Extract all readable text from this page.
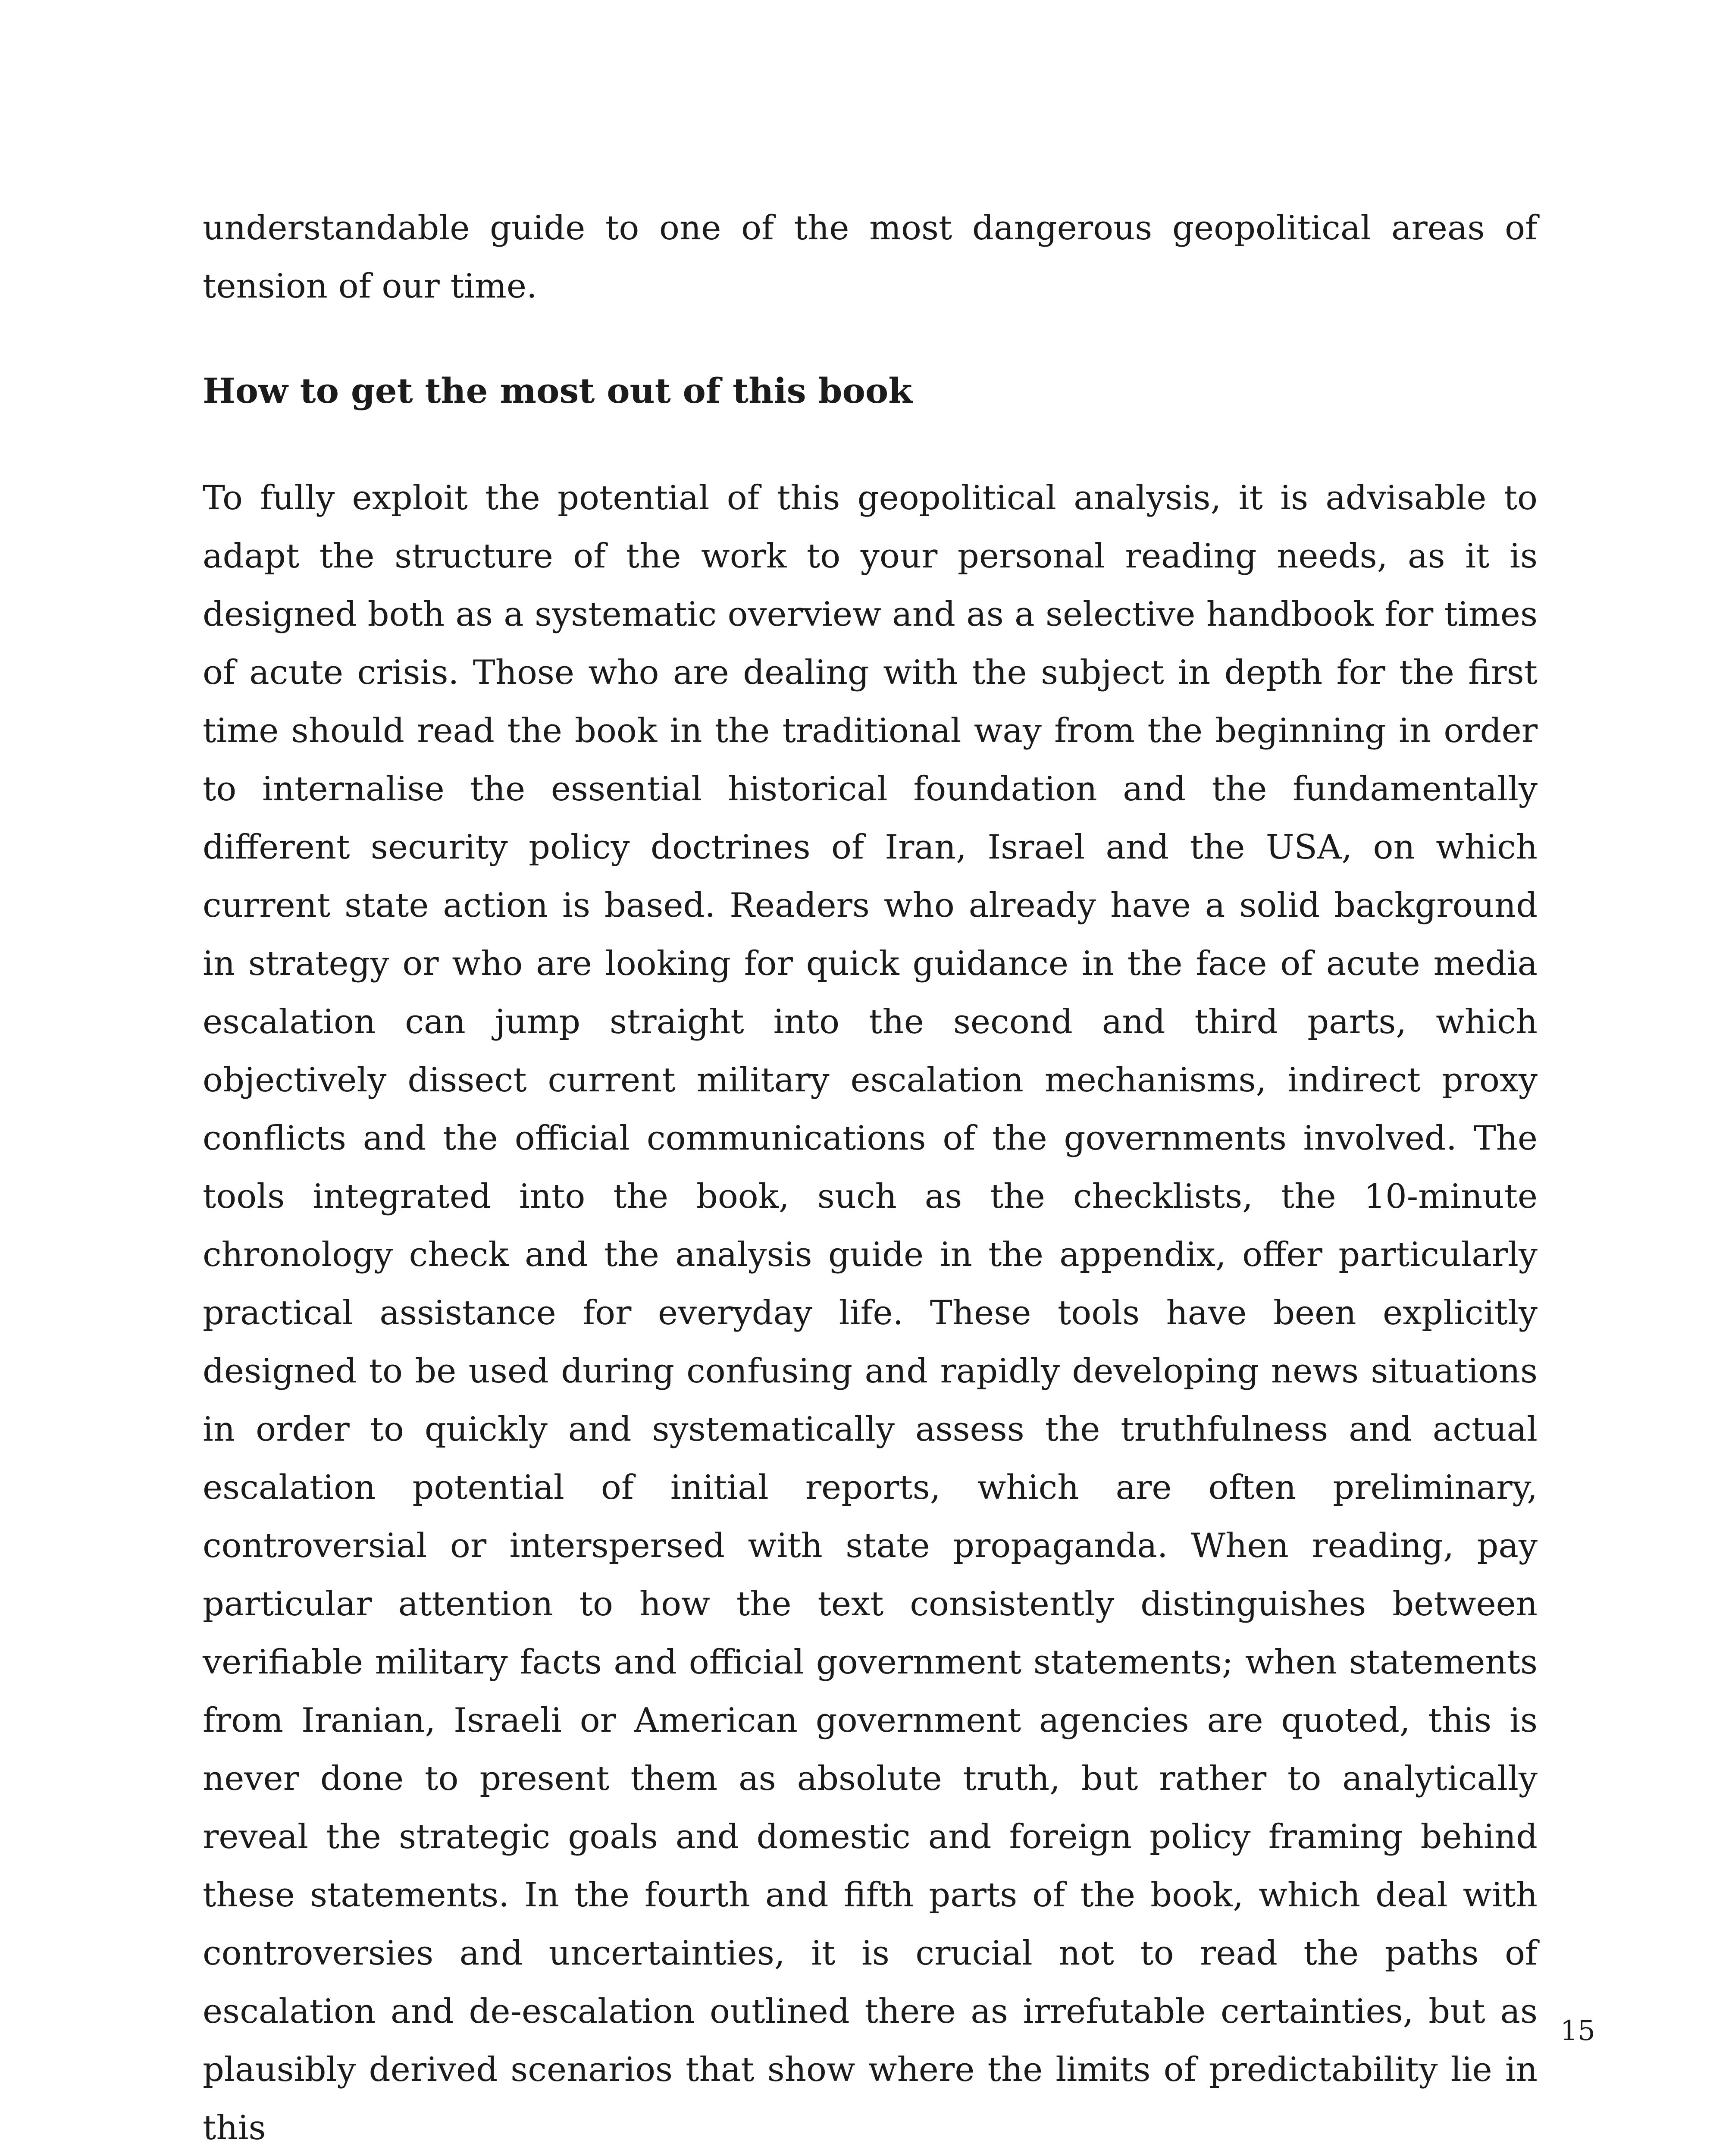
understandable guide to one of the most dangerous geopolitical areas of tension of our time.

How to get the most out of this book

To fully exploit the potential of this geopolitical analysis, it is advisable to adapt the structure of the work to your personal reading needs, as it is designed both as a systematic overview and as a selective handbook for times of acute crisis. Those who are dealing with the subject in depth for the first time should read the book in the traditional way from the beginning in order to internalise the essential historical foundation and the fundamentally different security policy doctrines of Iran, Israel and the USA, on which current state action is based. Readers who already have a solid background in strategy or who are looking for quick guidance in the face of acute media escalation can jump straight into the second and third parts, which objectively dissect current military escalation mechanisms, indirect proxy conflicts and the official communications of the governments involved. The tools integrated into the book, such as the checklists, the 10-minute chronology check and the analysis guide in the appendix, offer particularly practical assistance for everyday life. These tools have been explicitly designed to be used during confusing and rapidly developing news situations in order to quickly and systematically assess the truthfulness and actual escalation potential of initial reports, which are often preliminary, controversial or interspersed with state propaganda. When reading, pay particular attention to how the text consistently distinguishes between verifiable military facts and official government statements; when statements from Iranian, Israeli or American government agencies are quoted, this is never done to present them as absolute truth, but rather to analytically reveal the strategic goals and domestic and foreign policy framing behind these statements. In the fourth and fifth parts of the book, which deal with controversies and uncertainties, it is crucial not to read the paths of escalation and de-escalation outlined there as irrefutable certainties, but as plausibly derived scenarios that show where the limits of predictability lie in this

15
